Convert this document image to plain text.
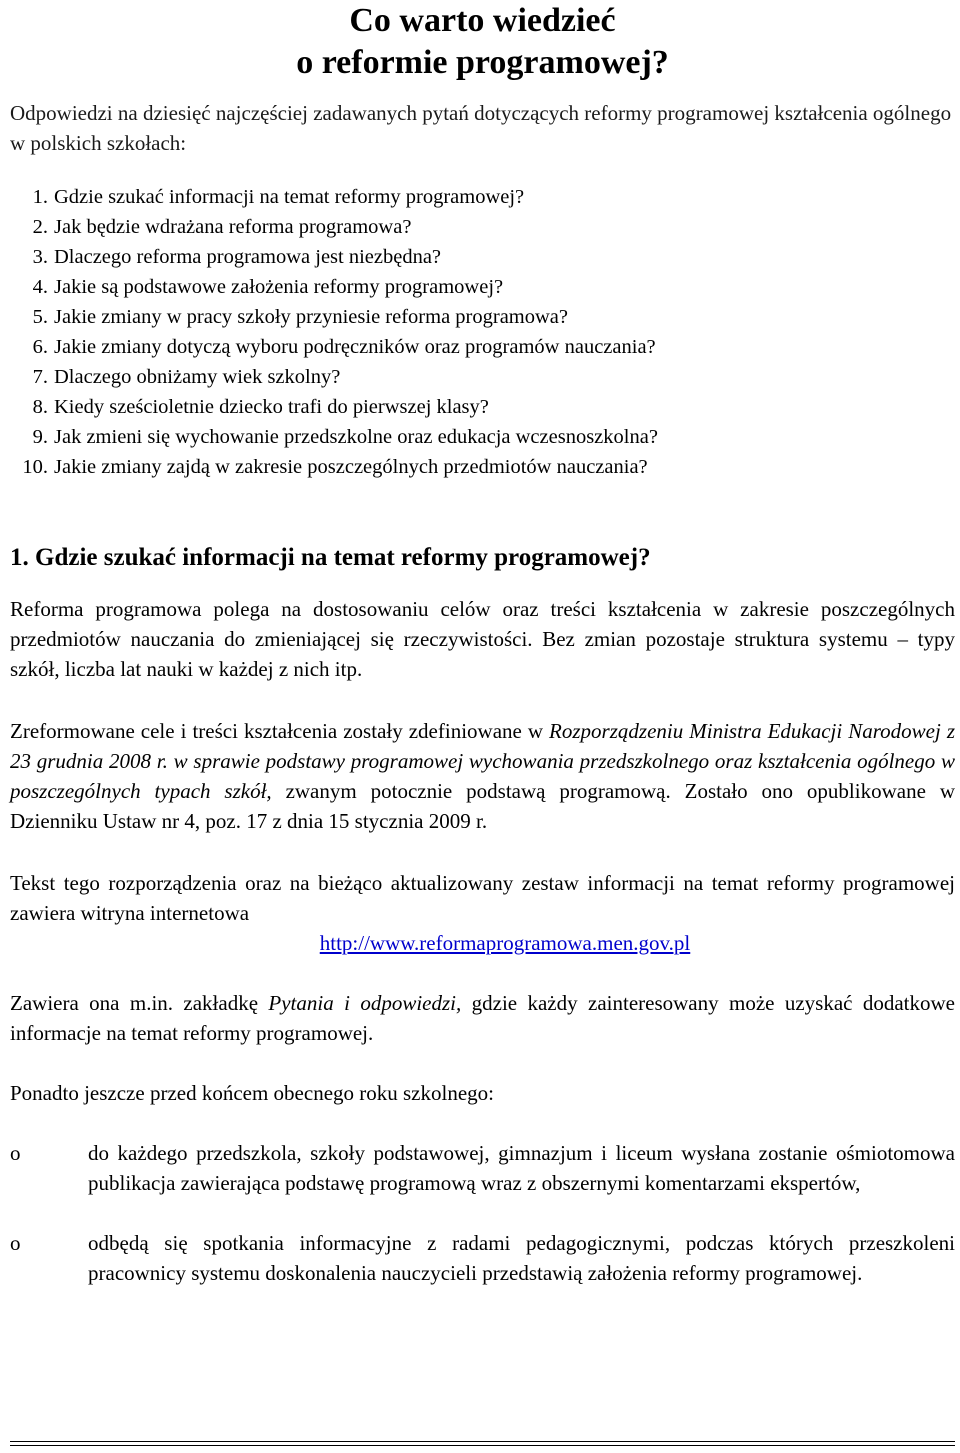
Co warto wiedzieć
o reformie programowej?

Odpowiedzi na dziesięć najczęściej zadawanych pytań dotyczących reformy programowej kształcenia ogólnego w polskich szkołach:

1. Gdzie szukać informacji na temat reformy programowej?
2. Jak będzie wdrażana reforma programowa?
3. Dlaczego reforma programowa jest niezbędna?
4. Jakie są podstawowe założenia reformy programowej?
5. Jakie zmiany w pracy szkoły przyniesie reforma programowa?
6. Jakie zmiany dotyczą wyboru podręczników oraz programów nauczania?
7. Dlaczego obniżamy wiek szkolny?
8. Kiedy sześcioletnie dziecko trafi do pierwszej klasy?
9. Jak zmieni się wychowanie przedszkolne oraz edukacja wczesnoszkolna?
10. Jakie zmiany zajdą w zakresie poszczególnych przedmiotów nauczania?
1. Gdzie szukać informacji na temat reformy programowej?

Reforma programowa polega na dostosowaniu celów oraz treści kształcenia w zakresie poszczególnych przedmiotów nauczania do zmieniającej się rzeczywistości. Bez zmian pozostaje struktura systemu – typy szkół, liczba lat nauki w każdej z nich itp.

Zreformowane cele i treści kształcenia zostały zdefiniowane w Rozporządzeniu Ministra Edukacji Narodowej z 23 grudnia 2008 r. w sprawie podstawy programowej wychowania przedszkolnego oraz kształcenia ogólnego w poszczególnych typach szkół, zwanym potocznie podstawą programową. Zostało ono opublikowane w Dzienniku Ustaw nr 4, poz. 17 z dnia 15 stycznia 2009 r.

Tekst tego rozporządzenia oraz na bieżąco aktualizowany zestaw informacji na temat reformy programowej zawiera witryna internetowa

http://www.reformaprogramowa.men.gov.pl

Zawiera ona m.in. zakładkę Pytania i odpowiedzi, gdzie każdy zainteresowany może uzyskać dodatkowe informacje na temat reformy programowej.

Ponadto jeszcze przed końcem obecnego roku szkolnego:

o	do każdego przedszkola, szkoły podstawowej, gimnazjum i liceum wysłana zostanie ośmiotomowa publikacja zawierająca podstawę programową wraz z obszernymi komentarzami ekspertów,
o	odbędą się spotkania informacyjne z radami pedagogicznymi, podczas których przeszkoleni pracownicy systemu doskonalenia nauczycieli przedstawią założenia reformy programowej.
